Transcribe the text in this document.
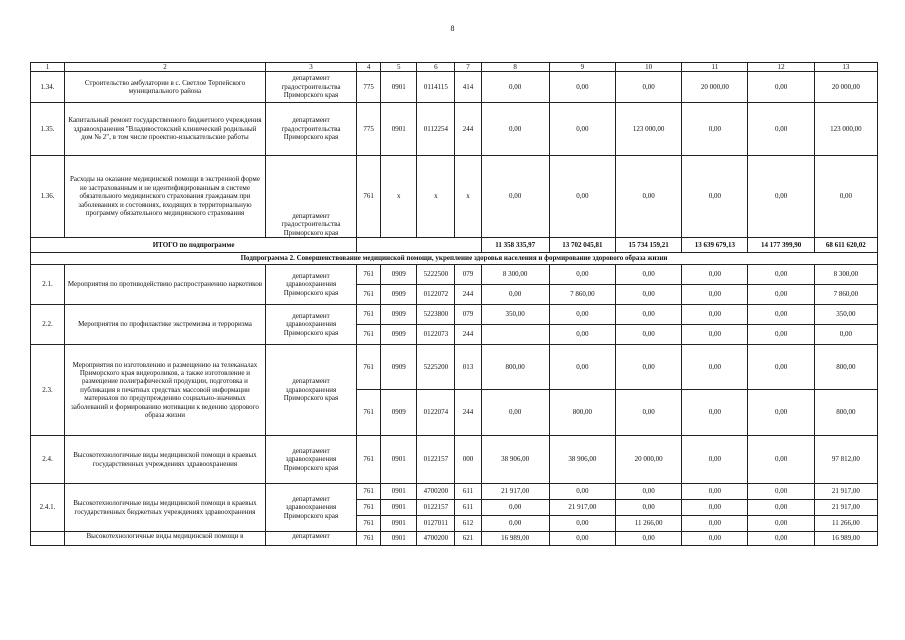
8
1	2	3	4	5	6	7	8	9	10	11	12	13
1.34.	Строительство амбулатории в с. Светлое Терпейского муниципального района	департамент градостроительства Приморского края	775	0901	0114115	414	0,00	0,00	0,00	20 000,00	0,00	20 000,00
1.35.	Капитальный ремонт государственного бюджетного учреждения здравоохранения "Владивостокский клинический родильный дом № 2", в том числе проектно-изыскательские работы	департамент градостроительства Приморского края	775	0901	0112254	244	0,00	0,00	123 000,00	0,00	0,00	123 000,00
1.36.	Расходы на оказание медицинской помощи в экстренной форме не застрахованным и не идентифицированным в системе обязательного медицинского страхования гражданам при заболеваниях и состояниях, входящих в территориальную программу обязательного медицинского страхования	департамент градостроительства Приморского края	761	x	x	x	0,00	0,00	0,00	0,00	0,00	0,00
ИТОГО по подпрограмме							11 358 335,97	13 702 045,81	15 734 159,21	13 639 679,13	14 177 399,90	68 611 620,02
Подпрограмма 2. Совершенствование медицинской помощи, укрепление здоровья населения и формирование здорового образа жизни												
2.1.	Мероприятия по противодействию распространению наркотиков	департамент здравоохранения Приморского края	761	0909	5222500	079	8 300,00	0,00	0,00	0,00	0,00	8 300,00
			761	0909	0122072	244	0,00	7 860,00	0,00	0,00	0,00	7 860,00
2.2.	Мероприятия по профилактике экстремизма и терроризма	департамент здравоохранения Приморского края	761	0909	5223800	079	350,00	0,00	0,00	0,00	0,00	350,00
			761	0909	0122073	244		0,00	0,00	0,00	0,00	0,00
2.3.	Мероприятия по изготовлению и размещению на телеканалах Приморского края видеороликов, а также изготовление и размещение полиграфической продукции, подготовка и публикация в печатных средствах массовой информации материалов по предупреждению социально-значимых заболеваний и формированию мотивации к ведению здорового образа жизни	департамент здравоохранения Приморского края	761	0909	5225200	013	800,00	0,00	0,00	0,00	0,00	800,00
			761	0909	0122074	244	0,00	800,00	0,00	0,00	0,00	800,00
2.4.	Высокотехнологичные виды медицинской помощи в краевых государственных учреждениях здравоохранения	департамент здравоохранения Приморского края	761	0901	0122157	000	38 906,00	38 906,00	20 000,00	0,00	0,00	97 812,00
2.4.1.	Высокотехнологичные виды медицинской помощи в краевых государственных бюджетных учреждениях здравоохранения	департамент здравоохранения Приморского края	761	0901	4700200	611	21 917,00	0,00	0,00	0,00	0,00	21 917,00
			761	0901	0122157	611	0,00	21 917,00	0,00	0,00	0,00	21 917,00
			761	0901	0127011	612	0,00	0,00	11 266,00	0,00	0,00	11 266,00
	Высокотехнологичные виды медицинской помощи в	департамент	761	0901	4700200	621	16 989,00	0,00	0,00	0,00	0,00	16 989,00
